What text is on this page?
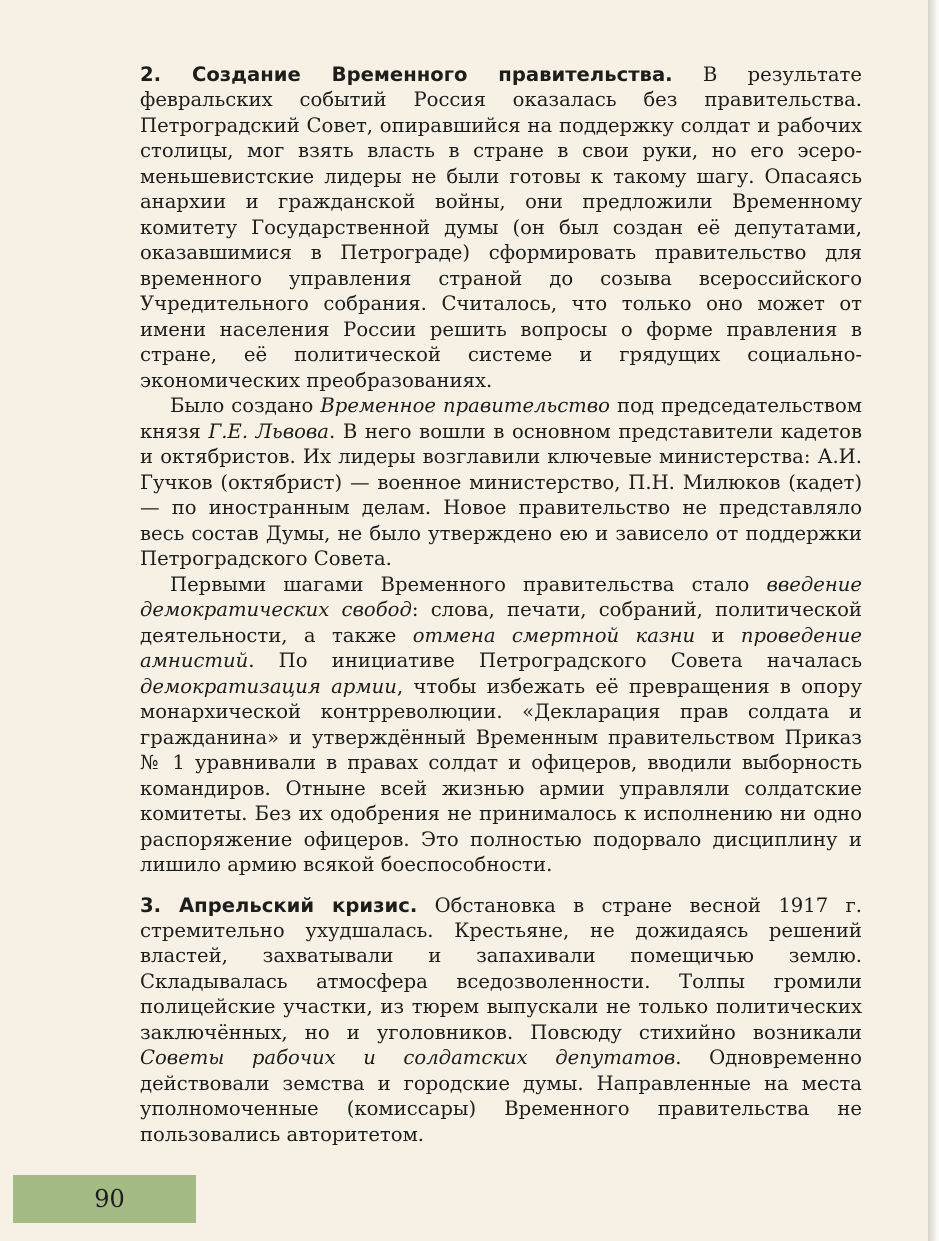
2. Создание Временного правительства. В результате февральских событий Россия оказалась без правительства. Петроградский Совет, опиравшийся на поддержку солдат и рабочих столицы, мог взять власть в стране в свои руки, но его эсеро-меньшевистские лидеры не были готовы к такому шагу. Опасаясь анархии и гражданской войны, они предложили Временному комитету Государственной думы (он был создан её депутатами, оказавшимися в Петрограде) сформировать правительство для временного управления страной до созыва всероссийского Учредительного собрания. Считалось, что только оно может от имени населения России решить вопросы о форме правления в стране, её политической системе и грядущих социально-экономических преобразованиях.

Было создано Временное правительство под председательством князя Г.Е. Львова. В него вошли в основном представители кадетов и октябристов. Их лидеры возглавили ключевые министерства: А.И. Гучков (октябрист) — военное министерство, П.Н. Милюков (кадет) — по иностранным делам. Новое правительство не представляло весь состав Думы, не было утверждено ею и зависело от поддержки Петроградского Совета.

Первыми шагами Временного правительства стало введение демократических свобод: слова, печати, собраний, политической деятельности, а также отмена смертной казни и проведение амнистий. По инициативе Петроградского Совета началась демократизация армии, чтобы избежать её превращения в опору монархической контрреволюции. «Декларация прав солдата и гражданина» и утверждённый Временным правительством Приказ № 1 уравнивали в правах солдат и офицеров, вводили выборность командиров. Отныне всей жизнью армии управляли солдатские комитеты. Без их одобрения не принималось к исполнению ни одно распоряжение офицеров. Это полностью подорвало дисциплину и лишило армию всякой боеспособности.

3. Апрельский кризис. Обстановка в стране весной 1917 г. стремительно ухудшалась. Крестьяне, не дожидаясь решений властей, захватывали и запахивали помещичью землю. Складывалась атмосфера вседозволенности. Толпы громили полицейские участки, из тюрем выпускали не только политических заключённых, но и уголовников. Повсюду стихийно возникали Советы рабочих и солдатских депутатов. Одновременно действовали земства и городские думы. Направленные на места уполномоченные (комиссары) Временного правительства не пользовались авторитетом.

90
